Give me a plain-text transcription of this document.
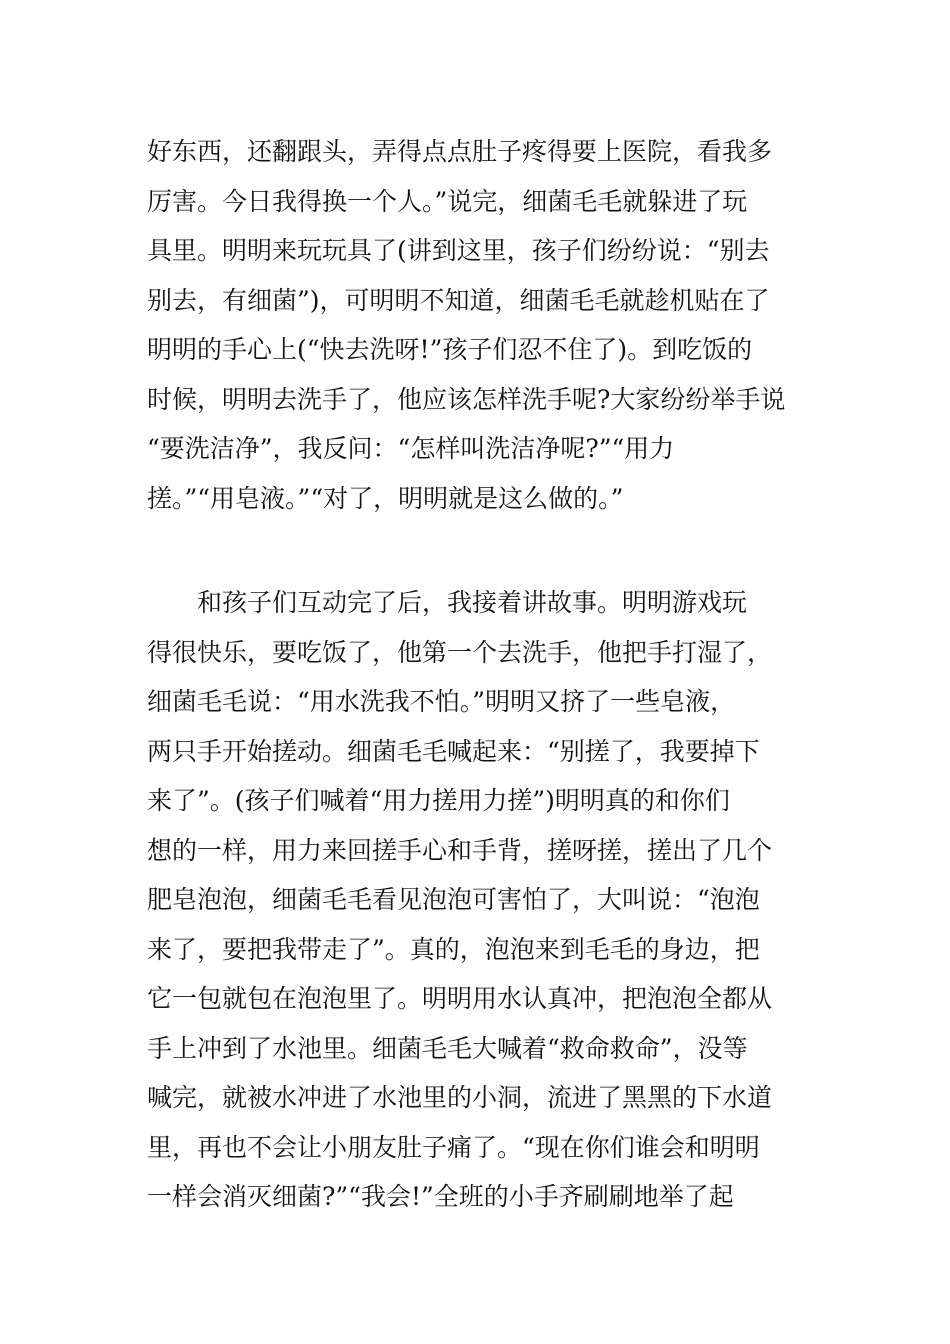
好东西，还翻跟头，弄得点点肚子疼得要上医院，看我多
厉害。今日我得换一个人。”说完，细菌毛毛就躲进了玩
具里。明明来玩玩具了(讲到这里，孩子们纷纷说：“别去
别去，有细菌”)，可明明不知道，细菌毛毛就趁机贴在了
明明的手心上(“快去洗呀!”孩子们忍不住了)。到吃饭的
时候，明明去洗手了，他应该怎样洗手呢?大家纷纷举手说
“要洗洁净”，我反问：“怎样叫洗洁净呢?”“用力
搓。”“用皂液。”“对了，明明就是这么做的。”

　　和孩子们互动完了后，我接着讲故事。明明游戏玩
得很快乐，要吃饭了，他第一个去洗手，他把手打湿了，
细菌毛毛说：“用水洗我不怕。”明明又挤了一些皂液，
两只手开始搓动。细菌毛毛喊起来：“别搓了，我要掉下
来了”。(孩子们喊着“用力搓用力搓”)明明真的和你们
想的一样，用力来回搓手心和手背，搓呀搓，搓出了几个
肥皂泡泡，细菌毛毛看见泡泡可害怕了，大叫说：“泡泡
来了，要把我带走了”。真的，泡泡来到毛毛的身边，把
它一包就包在泡泡里了。明明用水认真冲，把泡泡全都从
手上冲到了水池里。细菌毛毛大喊着“救命救命”，没等
喊完，就被水冲进了水池里的小洞，流进了黑黑的下水道
里，再也不会让小朋友肚子痛了。“现在你们谁会和明明
一样会消灭细菌?”“我会!”全班的小手齐刷刷地举了起
